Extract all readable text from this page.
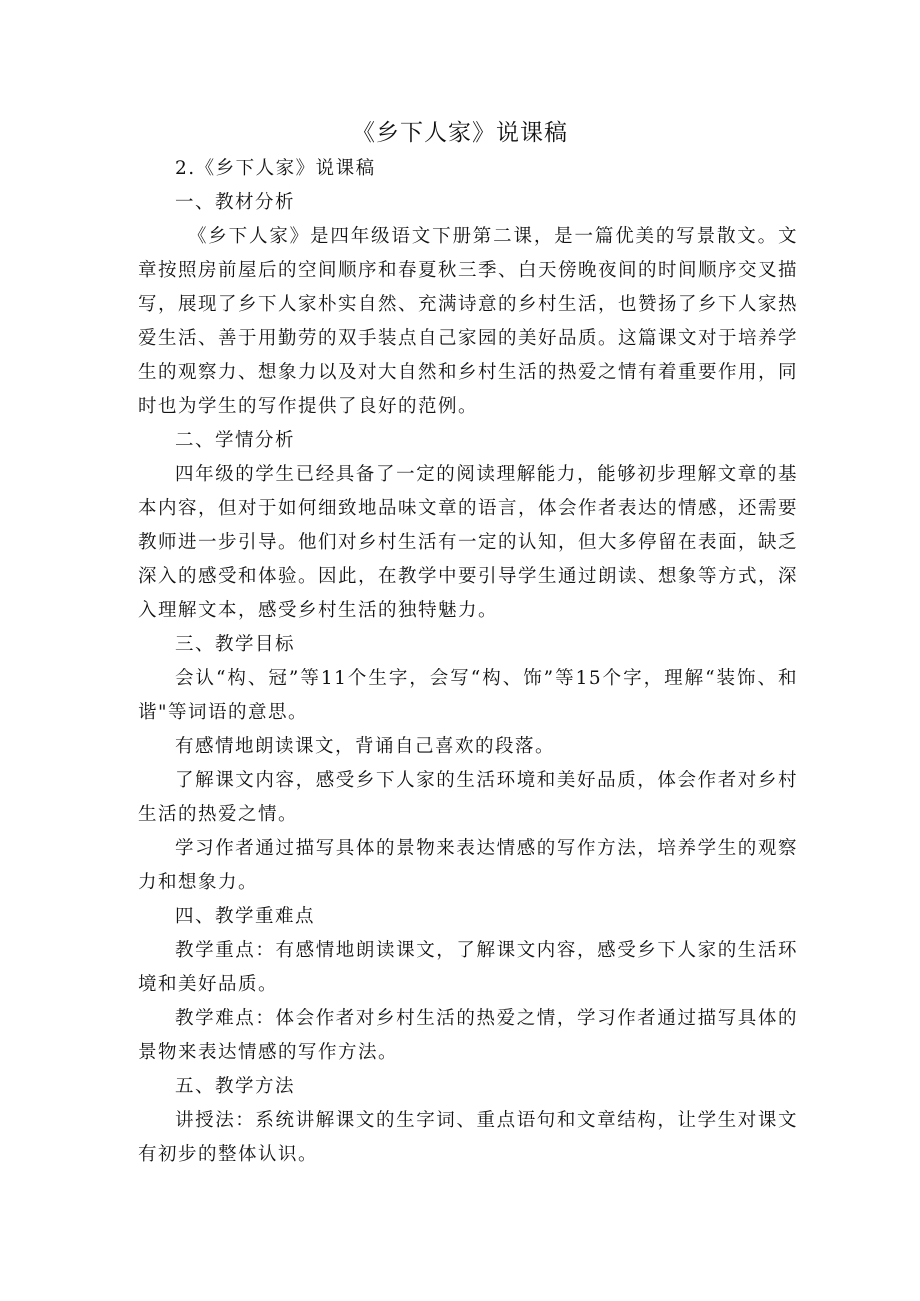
《乡下人家》说课稿

2.《乡下人家》说课稿

一、教材分析

《乡下人家》是四年级语文下册第二课，是一篇优美的写景散文。文章按照房前屋后的空间顺序和春夏秋三季、白天傍晚夜间的时间顺序交叉描写，展现了乡下人家朴实自然、充满诗意的乡村生活，也赞扬了乡下人家热爱生活、善于用勤劳的双手装点自己家园的美好品质。这篇课文对于培养学生的观察力、想象力以及对大自然和乡村生活的热爱之情有着重要作用，同时也为学生的写作提供了良好的范例。

二、学情分析

四年级的学生已经具备了一定的阅读理解能力，能够初步理解文章的基本内容，但对于如何细致地品味文章的语言，体会作者表达的情感，还需要教师进一步引导。他们对乡村生活有一定的认知，但大多停留在表面，缺乏深入的感受和体验。因此，在教学中要引导学生通过朗读、想象等方式，深入理解文本，感受乡村生活的独特魅力。

三、教学目标

会认“构、冠”等11个生字，会写“构、饰”等15个字，理解“装饰、和谐"等词语的意思。

有感情地朗读课文，背诵自己喜欢的段落。

了解课文内容，感受乡下人家的生活环境和美好品质，体会作者对乡村生活的热爱之情。

学习作者通过描写具体的景物来表达情感的写作方法，培养学生的观察力和想象力。

四、教学重难点

教学重点：有感情地朗读课文，了解课文内容，感受乡下人家的生活环境和美好品质。

教学难点：体会作者对乡村生活的热爱之情，学习作者通过描写具体的景物来表达情感的写作方法。

五、教学方法

讲授法：系统讲解课文的生字词、重点语句和文章结构，让学生对课文有初步的整体认识。
